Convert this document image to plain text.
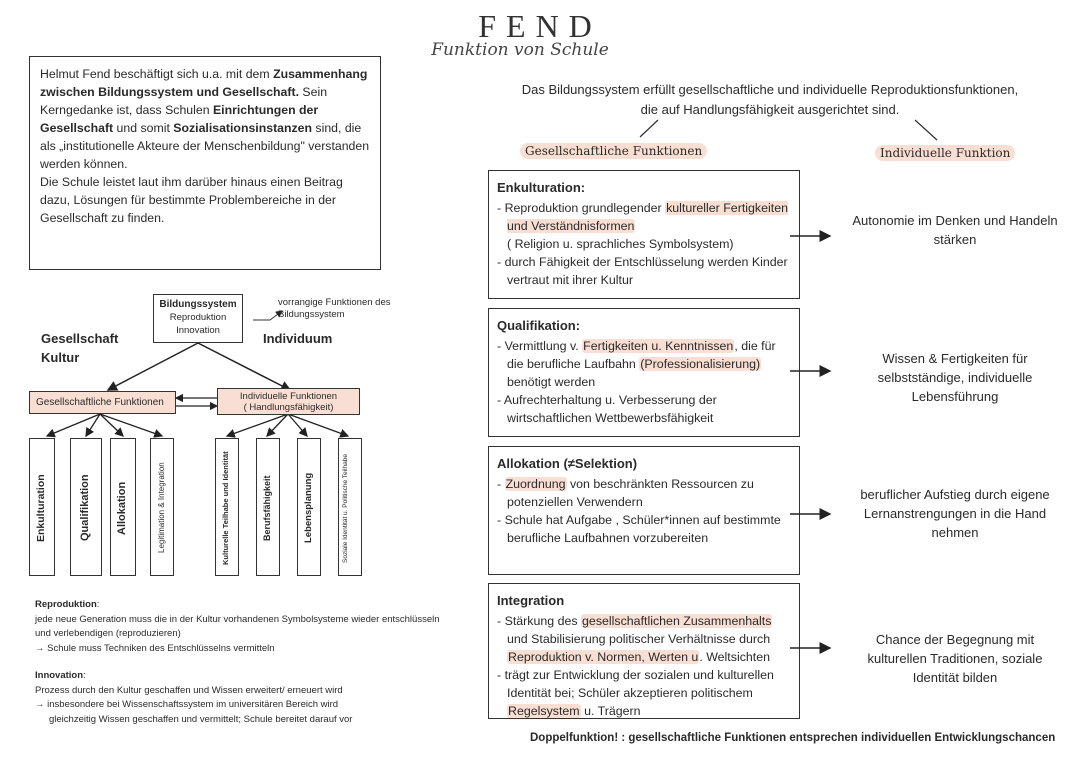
FEND
Funktion von Schule

Helmut Fend beschäftigt sich u.a. mit dem Zusammenhang zwischen Bildungssystem und Gesellschaft. Sein Kerngedanke ist, dass Schulen Einrichtungen der Gesellschaft und somit Sozialisationsinstanzen sind, die als „institutionelle Akteure der Menschenbildung" verstanden werden können.

Die Schule leistet laut ihm darüber hinaus einen Beitrag dazu, Lösungen für bestimmte Problembereiche in der Gesellschaft zu finden.

Das Bildungssystem erfüllt gesellschaftliche und individuelle Reproduktionsfunktionen, die auf Handlungsfähigkeit ausgerichtet sind.
Gesellschaftliche Funktionen	Individuelle Funktion
Enkulturation:
- Reproduktion grundlegender kultureller Fertigkeiten und Verständnisformen
( Religion u. sprachliches Symbolsystem)
- durch Fähigkeit der Entschlüsselung werden Kinder vertraut mit ihrer Kultur
Qualifikation:
- Vermittlung v. Fertigkeiten u. Kenntnissen, die für die berufliche Laufbahn (Professionalisierung) benötigt werden
- Aufrechterhaltung u. Verbesserung der wirtschaftlichen Wettbewerbsfähigkeit
Allokation (≠Selektion)
- Zuordnung von beschränkten Ressourcen zu potenziellen Verwendern
- Schule hat Aufgabe , Schüler*innen auf bestimmte berufliche Laufbahnen vorzubereiten
Integration
- Stärkung des gesellschaftlichen Zusammenhalts und Stabilisierung politischer Verhältnisse durch Reproduktion v. Normen, Werten u. Weltsichten
- trägt zur Entwicklung der sozialen und kulturellen Identität bei; Schüler akzeptieren politischem Regelsystem u. Trägern
Autonomie im Denken und Handeln stärken
Wissen & Fertigkeiten für selbstständige, individuelle Lebensführung
beruflicher Aufstieg durch eigene Lernanstrengungen in die Hand nehmen
Chance der Begegnung mit kulturellen Traditionen, soziale Identität bilden
Doppelfunktion! : gesellschaftliche Funktionen entsprechen individuellen Entwicklungschancen
Bildungssystem
Reproduktion
Innovation
vorrangige Funktionen des Bildungssystem
Gesellschaft
Kultur
Individuum
Gesellschaftliche Funktionen
Individuelle Funktionen
( Handlungsfähigkeit)
Enkulturation	Qualifikation Allokation	Legitimation & Integration	Kulturelle Teilhabe und Identität	Berufsfähigkeit	Lebensplanung	Soziale Identität u. Politische Teilhabe

Reproduktion:

jede neue Generation muss die in der Kultur vorhandenen Symbolsysteme wieder entschlüsseln und verlebendigen (reproduzieren)

→ Schule muss Techniken des Entschlüsselns vermitteln

Innovation:

Prozess durch den Kultur geschaffen und Wissen erweitert/ erneuert wird

→ insbesondere bei Wissenschaftssystem im universitären Bereich wird

gleichzeitig Wissen geschaffen und vermittelt; Schule bereitet darauf vor
